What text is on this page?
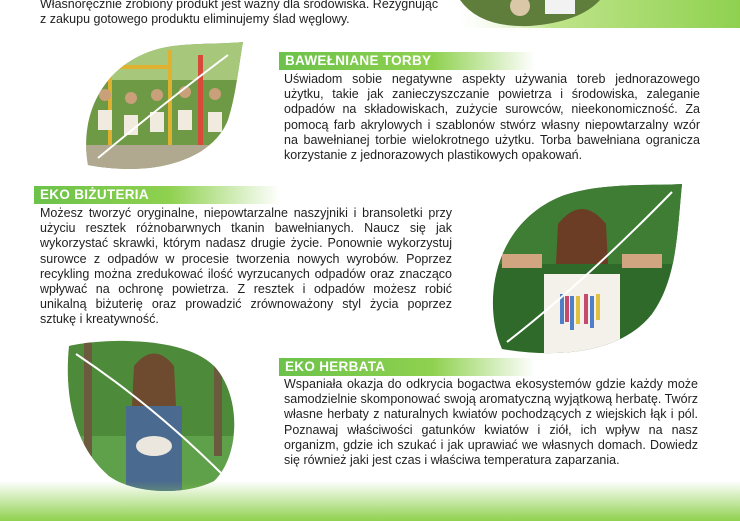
Własnoręcznie zrobiony produkt jest ważny dla środowiska. Rezygnując

z zakupu gotowego produktu eliminujemy ślad węglowy.

BAWEŁNIANE TORBY

Uświadom sobie negatywne aspekty używania toreb jednorazowego użytku, takie jak zanieczyszczanie powietrza i środowiska, zaleganie odpadów na składowiskach, zużycie surowców, nieekonomiczność. Za pomocą farb akrylowych i szablonów stwórz własny niepowtarzalny wzór na bawełnianej torbie wielokrotnego użytku. Torba bawełniana ogranicza korzystanie z jednorazowych plastikowych opakowań.

EKO BIŻUTERIA

Możesz tworzyć oryginalne, niepowtarzalne naszyjniki i bransoletki przy użyciu resztek różnobarwnych tkanin bawełnianych. Naucz się jak wykorzystać skrawki, którym nadasz drugie życie. Ponownie wykorzystuj surowce z odpadów w procesie tworzenia nowych wyrobów. Poprzez recykling można zredukować ilość wyrzucanych odpadów oraz znacząco wpływać na ochronę powietrza. Z resztek i odpadów możesz robić unikalną biżuterię oraz prowadzić zrównoważony styl życia poprzez sztukę i kreatywność.

EKO HERBATA

Wspaniała okazja do odkrycia bogactwa ekosystemów gdzie każdy może samodzielnie skomponować swoją aromatyczną wyjątkową herbatę. Twórz własne herbaty z naturalnych kwiatów pochodzących z wiejskich łąk i pól. Poznawaj właściwości gatunków kwiatów i ziół, ich wpływ na nasz organizm, gdzie ich szukać i jak uprawiać we własnych domach. Dowiedz się również jaki jest czas i właściwa temperatura zaparzania.
